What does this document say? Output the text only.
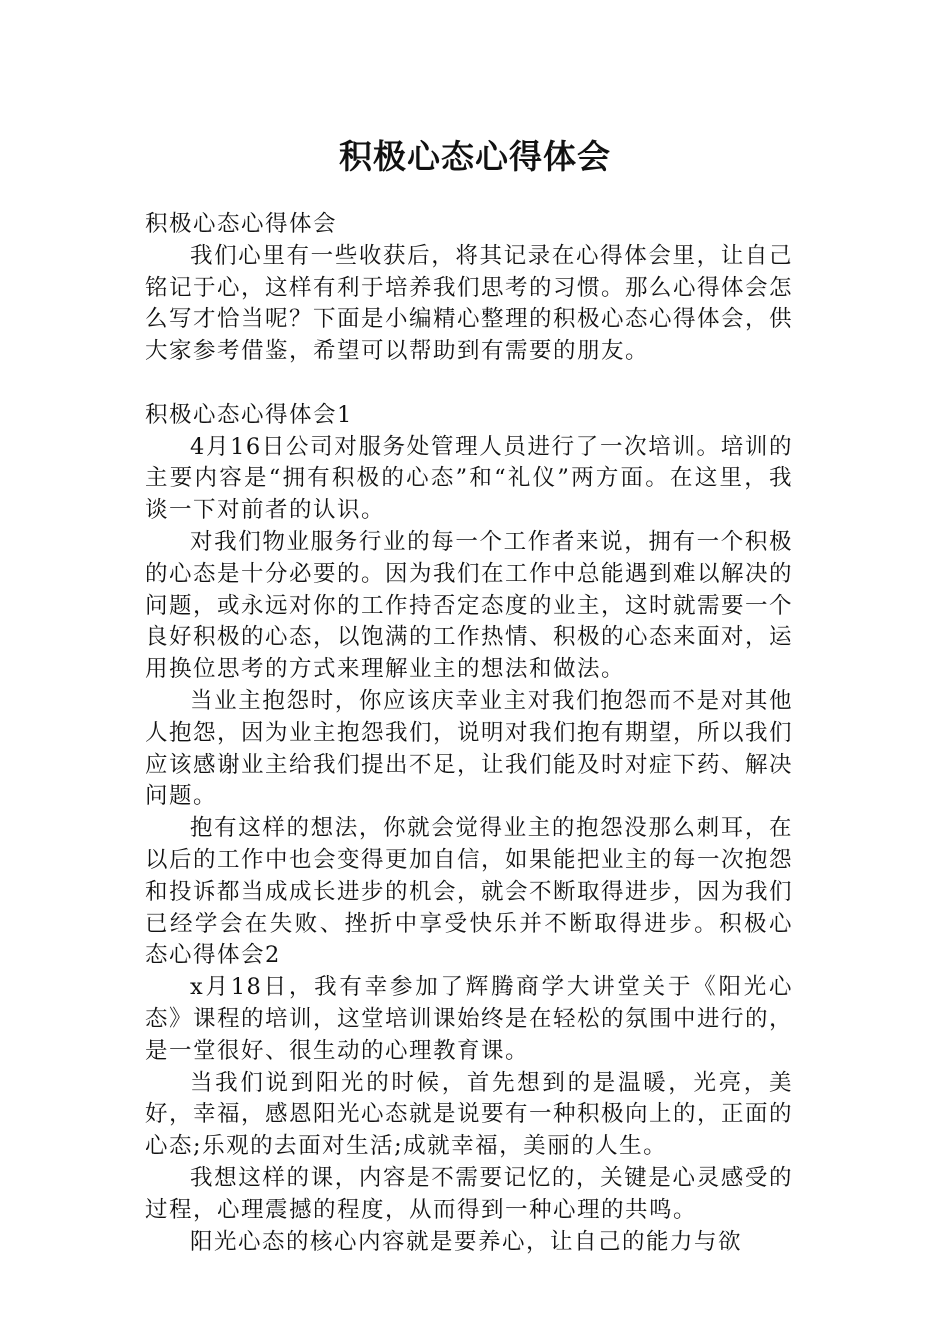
积极心态心得体会

积极心态心得体会

我们心里有一些收获后，将其记录在心得体会里，让自己铭记于心，这样有利于培养我们思考的习惯。那么心得体会怎么写才恰当呢？下面是小编精心整理的积极心态心得体会，供大家参考借鉴，希望可以帮助到有需要的朋友。

积极心态心得体会1

4月16日公司对服务处管理人员进行了一次培训。培训的主要内容是“拥有积极的心态”和“礼仪”两方面。在这里，我谈一下对前者的认识。

对我们物业服务行业的每一个工作者来说，拥有一个积极的心态是十分必要的。因为我们在工作中总能遇到难以解决的问题，或永远对你的工作持否定态度的业主，这时就需要一个良好积极的心态，以饱满的工作热情、积极的心态来面对，运用换位思考的方式来理解业主的想法和做法。

当业主抱怨时，你应该庆幸业主对我们抱怨而不是对其他人抱怨，因为业主抱怨我们，说明对我们抱有期望，所以我们应该感谢业主给我们提出不足，让我们能及时对症下药、解决问题。

抱有这样的想法，你就会觉得业主的抱怨没那么刺耳，在以后的工作中也会变得更加自信，如果能把业主的每一次抱怨和投诉都当成成长进步的机会，就会不断取得进步，因为我们已经学会在失败、挫折中享受快乐并不断取得进步。积极心态心得体会2

x月18日，我有幸参加了辉腾商学大讲堂关于《阳光心态》课程的培训，这堂培训课始终是在轻松的氛围中进行的，是一堂很好、很生动的心理教育课。

当我们说到阳光的时候，首先想到的是温暖，光亮，美好，幸福，感恩阳光心态就是说要有一种积极向上的，正面的心态;乐观的去面对生活;成就幸福，美丽的人生。

我想这样的课，内容是不需要记忆的，关键是心灵感受的过程，心理震撼的程度，从而得到一种心理的共鸣。

阳光心态的核心内容就是要养心，让自己的能力与欲
